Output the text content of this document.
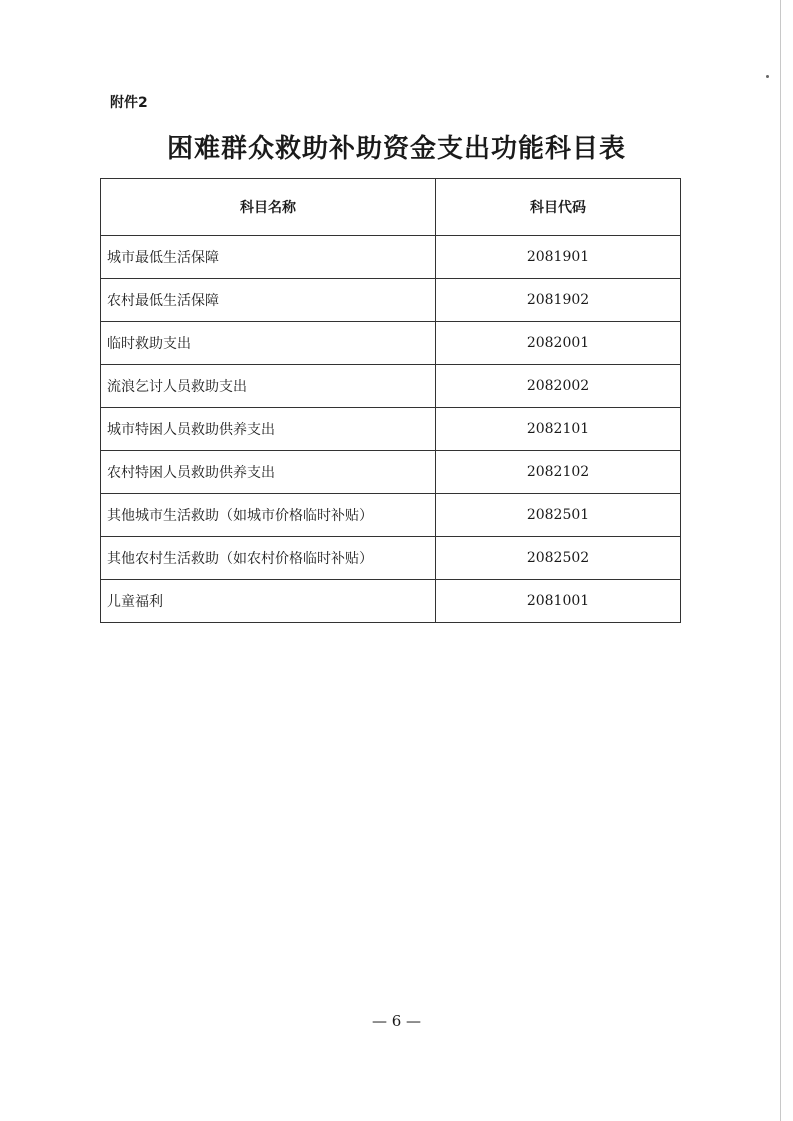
附件2
困难群众救助补助资金支出功能科目表
科目名称	科目代码
城市最低生活保障	2081901
农村最低生活保障	2081902
临时救助支出	2082001
流浪乞讨人员救助支出	2082002
城市特困人员救助供养支出	2082101
农村特困人员救助供养支出	2082102
其他城市生活救助（如城市价格临时补贴）	2082501
其他农村生活救助（如农村价格临时补贴）	2082502
儿童福利	2081001
— 6 —
